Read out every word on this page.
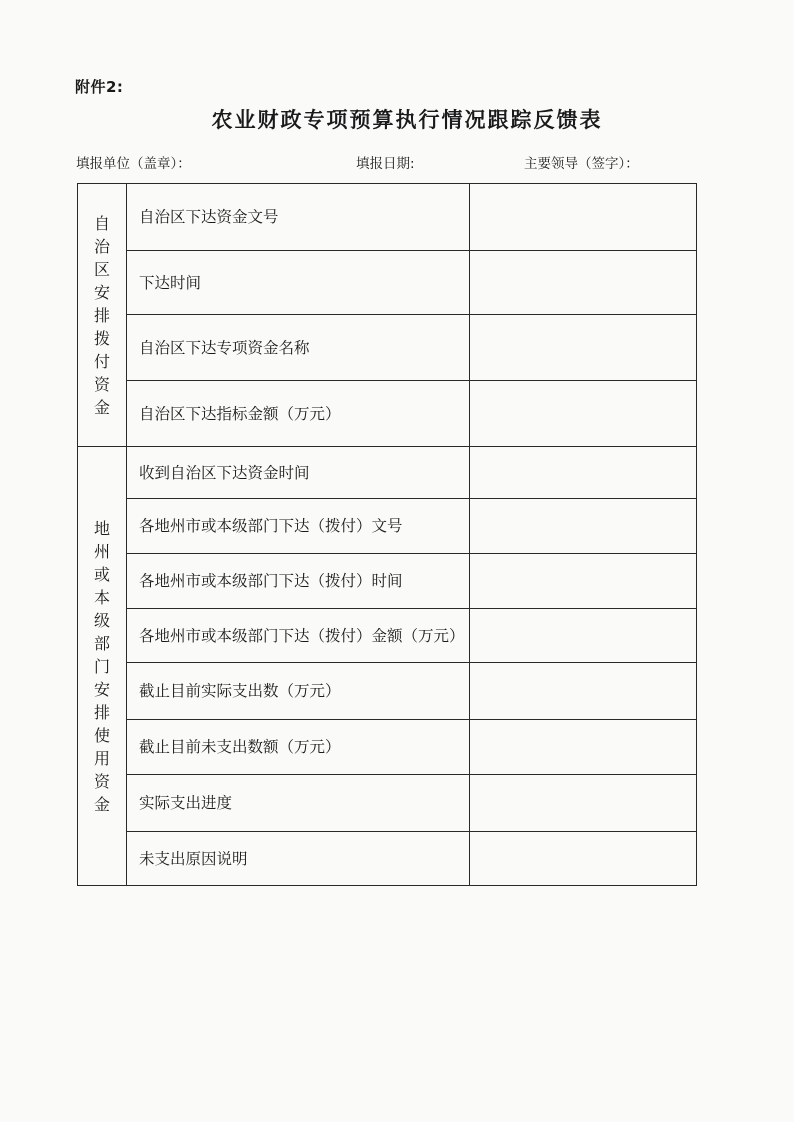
附件2:
农业财政专项预算执行情况跟踪反馈表
填报单位（盖章）：	填报日期:	主要领导（签字）：
自治区安排拨付资金	自治区下达资金文号	
	下达时间	
	自治区下达专项资金名称	
	自治区下达指标金额（万元）	
地州或本级部门安排使用资金	收到自治区下达资金时间	
	各地州市或本级部门下达（拨付）文号	
	各地州市或本级部门下达（拨付）时间	
	各地州市或本级部门下达（拨付）金额（万元）	
	截止目前实际支出数（万元）	
	截止目前未支出数额（万元）	
	实际支出进度	
	未支出原因说明	
